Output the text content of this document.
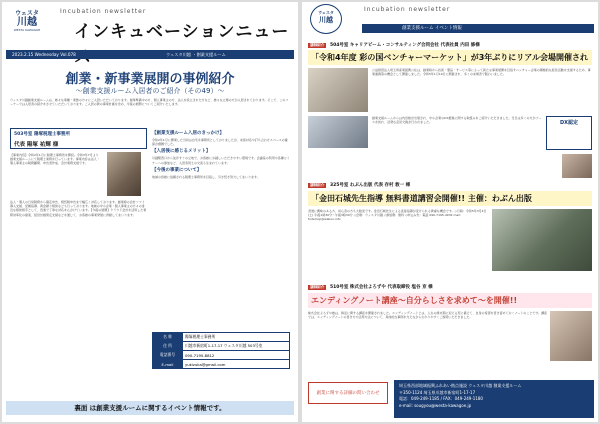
ウェスタ
川越
WESTA KAWAGOE
Incubation newsletter
インキュベーションニュー
2023.2.15 Wednesday Vol.078	ウェスタ川越 ・創業支援ルーム
創業・新事業展開の事例紹介
～創業支援ルーム入居者のご紹介（その49）～
ウェスタ川越創業支援ルームは、様々な業種・業態の方々にご入居いただいております。創業準備中の方、個人事業主の方、法人を設立された方など、様々な立場の方が入居されております。そこで、このコーナーでは入居者の紹介をさせていただいております。ご入居の際の事業計画を含め、今後の展開についてご紹介いたします。
503号室 陽塚税理士事務所
代表 陽塚 祐輝 様
【事業内容】令和2年1月に税理士事務所を開設。令和3年7月より創業支援ルームにて税理士業務を行っています。事業内容は法人・個人事業主の税務顧問、申告書作成、会計業務支援です。
法人・個人の日常税務から確定申告、相続税申告まで幅広く対応しております。創業時の会計ソフト導入支援、記帳指導、資金繰り相談なども行っております。地域の中小企業・個人事業主の方々の身近な相談相手として、迅速で丁寧な対応を心がけています。【今後の展開】クラウド会計を活用した業務効率化の提案、経営計画策定支援などを通じて、お客様の事業発展に貢献してまいります。
【創業支援ルーム入居のきっかけ】
令和2年1月に開業した当初は自宅を事務所としておりましたが、来客対応や打ち合わせスペースの確保が課題でした。
【入居後に感じるメリット】
川越駅西口から徒歩すぐの立地で、お客様にお越しいただきやすい環境です。会議室の利用や各種セミナーへの参加など、入居者同士の交流も生まれています。
【今後の事業について】
地域の皆様に信頼される税理士事務所を目指し、引き続き努力してまいります。
名 称	陽塚税理士事務所
住 所	川越市新宿町1-17-17 ウェスタ川越 503号室
電話番号	090-7195-8812
E-mail	yukizuka@gmail.com
裏面 は創業支援ルームに関するイベント情報です。
ウェスタ
川越
Incubation newsletter
創業支援ルーム イベント情報
講師紹介 504号室 キャリアビーム・コンサルティング合同会社 代表社員 内田 修様
「令和4年度 彩の国ベンチャーマーケット」が3年ぶりにリアル会場開催され
公益財団法人埼玉県産業振興公社は、創業時から技術・製品・サービス等によって新たな事業展開を目指すベンチャー企業の積極的な経営活動を支援するため、事業連携等の機会として開催しました。令和5年1月19日に開催され、多くの来場者で賑わいました。
創業支援ルームからは内田様が出展され、中小企業のDX推進に関する取組みをご紹介いただきました。当日は多くの方がブースを訪れ、活発な意見交換が行われました。	DX認定
講師紹介 325号室 わぶん出版 代表 存村 敦一 様
「金田石城先生指導 無料書道講習会開催!! 主催：わぶん出版
書道に興味のある方、初心者の方も大歓迎です。金田石城先生による直接指導が受けられる貴重な機会です。◇日時：令和5年3月4日(土) 午後1時30分～午後3時30分 ◇会場：ウェスタ川越 ◇参加費：無料 ◇申込み先：電話 090-7195-4932 mail: fudemoji@wabun.info
講師紹介 510号室 株式会社よろずや 代表取締役 塩谷 京 様
エンディングノート講座～自分らしさを求めて～を開催!!
株式会社よろずや様は、終活に関する講座を開催されました。エンディングノートとは、人生の終末期に迎える死に備えて、自身の希望を書き留めておくノートのことです。講座では、エンディングノートの書き方や活用方法について、具体的な事例を交えながらわかりやすくご説明いただきました。
創業に関する詳細の問い合わせ
埼玉県西部地域振興ふれあい拠点施設 ウェスタ川越 創業支援ルーム
〒350-1124 埼玉県川越市新宿町1-17-17
電話：049-249-1185 / FAX：049-249-1180
e-mail: sougyou@westa-kawagoe.jp
